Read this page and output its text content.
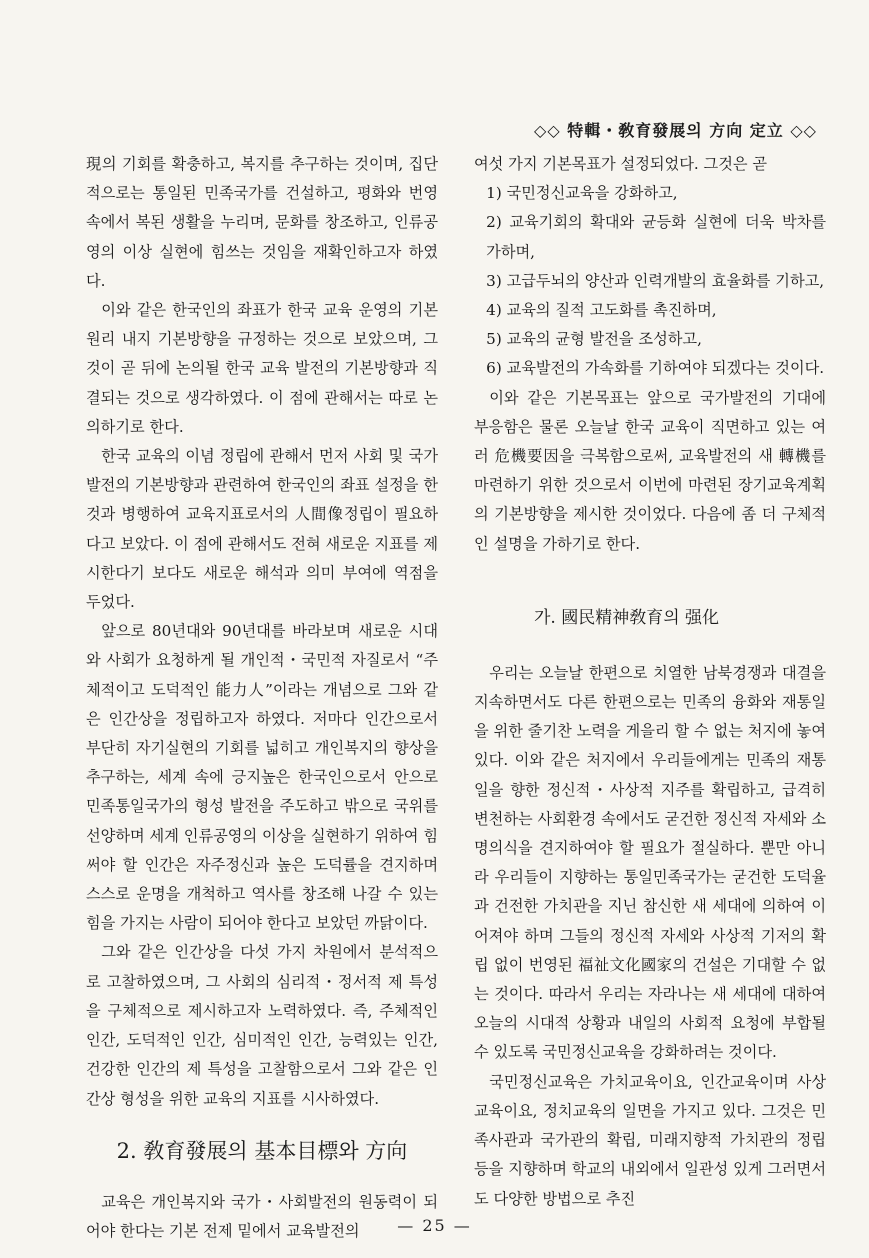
◇◇ 特輯・敎育發展의 方向 定立 ◇◇

現의 기회를 확충하고, 복지를 추구하는 것이며, 집단적으로는 통일된 민족국가를 건설하고, 평화와 번영 속에서 복된 생활을 누리며, 문화를 창조하고, 인류공영의 이상 실현에 힘쓰는 것임을 재확인하고자 하였다.

이와 같은 한국인의 좌표가 한국 교육 운영의 기본원리 내지 기본방향을 규정하는 것으로 보았으며, 그것이 곧 뒤에 논의될 한국 교육 발전의 기본방향과 직결되는 것으로 생각하였다. 이 점에 관해서는 따로 논의하기로 한다.

한국 교육의 이념 정립에 관해서 먼저 사회 및 국가발전의 기본방향과 관련하여 한국인의 좌표 설정을 한 것과 병행하여 교육지표로서의 人間像정립이 필요하다고 보았다. 이 점에 관해서도 전혀 새로운 지표를 제시한다기 보다도 새로운 해석과 의미 부여에 역점을 두었다.

앞으로 80년대와 90년대를 바라보며 새로운 시대와 사회가 요청하게 될 개인적・국민적 자질로서 “주체적이고 도덕적인 能力人”이라는 개념으로 그와 같은 인간상을 정립하고자 하였다. 저마다 인간으로서 부단히 자기실현의 기회를 넓히고 개인복지의 향상을 추구하는, 세계 속에 긍지높은 한국인으로서 안으로 민족통일국가의 형성 발전을 주도하고 밖으로 국위를 선양하며 세계 인류공영의 이상을 실현하기 위하여 힘써야 할 인간은 자주정신과 높은 도덕률을 견지하며 스스로 운명을 개척하고 역사를 창조해 나갈 수 있는 힘을 가지는 사람이 되어야 한다고 보았던 까닭이다.

그와 같은 인간상을 다섯 가지 차원에서 분석적으로 고찰하였으며, 그 사회의 심리적・정서적 제 특성을 구체적으로 제시하고자 노력하였다. 즉, 주체적인 인간, 도덕적인 인간, 심미적인 인간, 능력있는 인간, 건강한 인간의 제 특성을 고찰함으로서 그와 같은 인간상 형성을 위한 교육의 지표를 시사하였다.

2. 敎育發展의 基本目標와 方向

교육은 개인복지와 국가・사회발전의 원동력이 되어야 한다는 기본 전제 밑에서 교육발전의

여섯 가지 기본목표가 설정되었다. 그것은 곧

1) 국민정신교육을 강화하고,

2) 교육기회의 확대와 균등화 실현에 더욱 박차를 가하며,

3) 고급두뇌의 양산과 인력개발의 효율화를 기하고,

4) 교육의 질적 고도화를 촉진하며,

5) 교육의 균형 발전을 조성하고,

6) 교육발전의 가속화를 기하여야 되겠다는 것이다.

이와 같은 기본목표는 앞으로 국가발전의 기대에 부응함은 물론 오늘날 한국 교육이 직면하고 있는 여러 危機要因을 극복함으로써, 교육발전의 새 轉機를 마련하기 위한 것으로서 이번에 마련된 장기교육계획의 기본방향을 제시한 것이었다. 다음에 좀 더 구체적인 설명을 가하기로 한다.

가. 國民精神敎育의 强化

우리는 오늘날 한편으로 치열한 남북경쟁과 대결을 지속하면서도 다른 한편으로는 민족의 융화와 재통일을 위한 줄기찬 노력을 게을리 할 수 없는 처지에 놓여 있다. 이와 같은 처지에서 우리들에게는 민족의 재통일을 향한 정신적・사상적 지주를 확립하고, 급격히 변천하는 사회환경 속에서도 굳건한 정신적 자세와 소명의식을 견지하여야 할 필요가 절실하다. 뿐만 아니라 우리들이 지향하는 통일민족국가는 굳건한 도덕율과 건전한 가치관을 지닌 참신한 새 세대에 의하여 이어져야 하며 그들의 정신적 자세와 사상적 기저의 확립 없이 번영된 福祉文化國家의 건설은 기대할 수 없는 것이다. 따라서 우리는 자라나는 새 세대에 대하여 오늘의 시대적 상황과 내일의 사회적 요청에 부합될 수 있도록 국민정신교육을 강화하려는 것이다.

국민정신교육은 가치교육이요, 인간교육이며 사상교육이요, 정치교육의 일면을 가지고 있다. 그것은 민족사관과 국가관의 확립, 미래지향적 가치관의 정립 등을 지향하며 학교의 내외에서 일관성 있게 그러면서도 다양한 방법으로 추진

— 25 —
